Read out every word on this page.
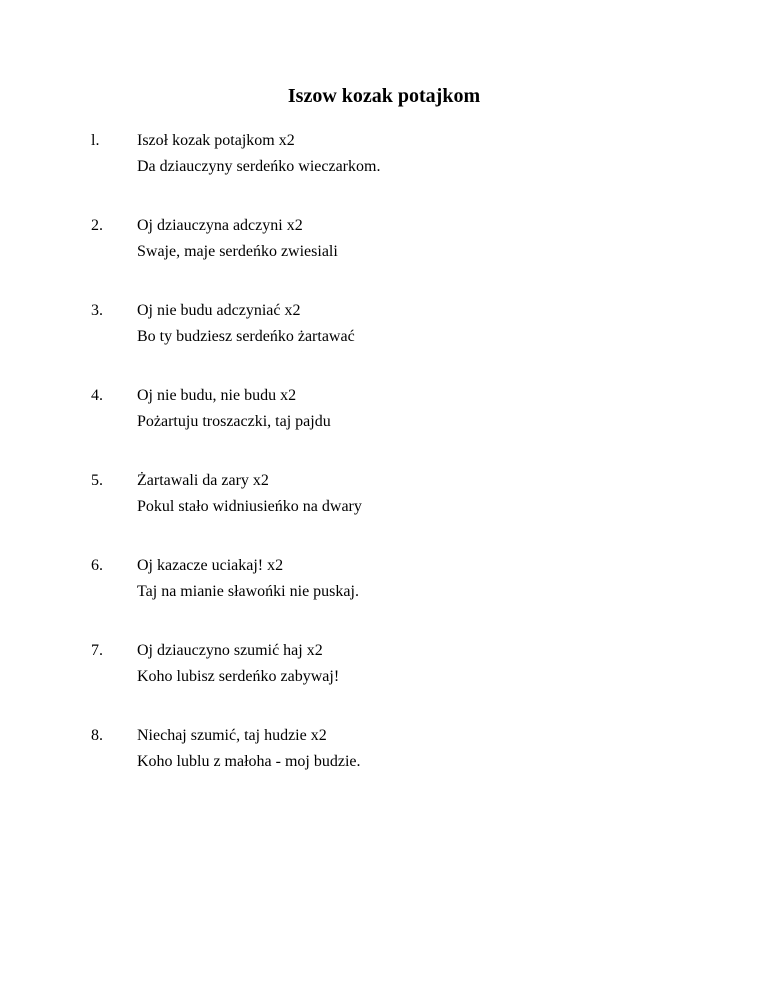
Iszow kozak potajkom
l. Iszoł kozak potajkom x2
Da dziauczyny serdeńko wieczarkom.
2. Oj dziauczyna adczyni x2
Swaje, maje serdeńko zwiesiali
3. Oj nie budu adczyniać x2
Bo ty budziesz serdeńko żartawać
4. Oj nie budu, nie budu x2
Pożartuju troszaczki, taj pajdu
5. Żartawali da zary x2
Pokul stało widniusieńko na dwary
6. Oj kazacze uciakaj! x2
Taj na mianie sławońki nie puskaj.
7. Oj dziauczyno szumić haj x2
Koho lubisz serdeńko zabywaj!
8. Niechaj szumić, taj hudzie x2
Koho lublu z małoha - moj budzie.
